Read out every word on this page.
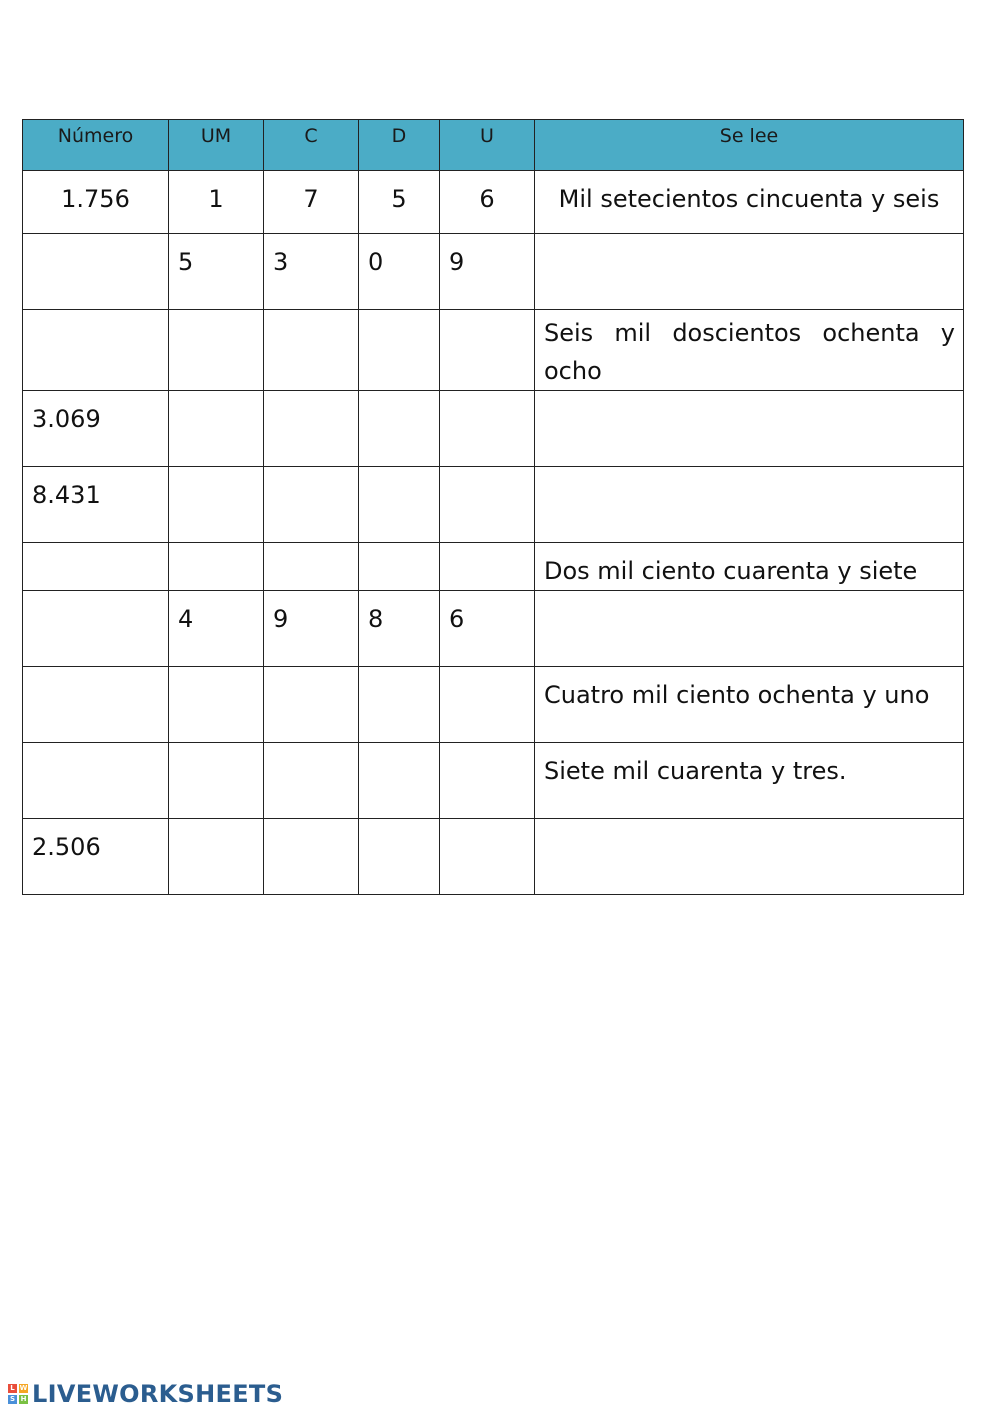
Número	UM	C	D	U	Se lee
1.756	1	7	5	6	Mil setecientos cincuenta y seis
	5	3	0	9	
					Seis mil doscientos ochenta y ocho
3.069					
8.431					
					Dos mil ciento cuarenta y siete
	4	9	8	6	
					Cuatro mil ciento ochenta y uno
					Siete mil cuarenta y tres.
2.506					
L W
S H LIVEWORKSHEETS
